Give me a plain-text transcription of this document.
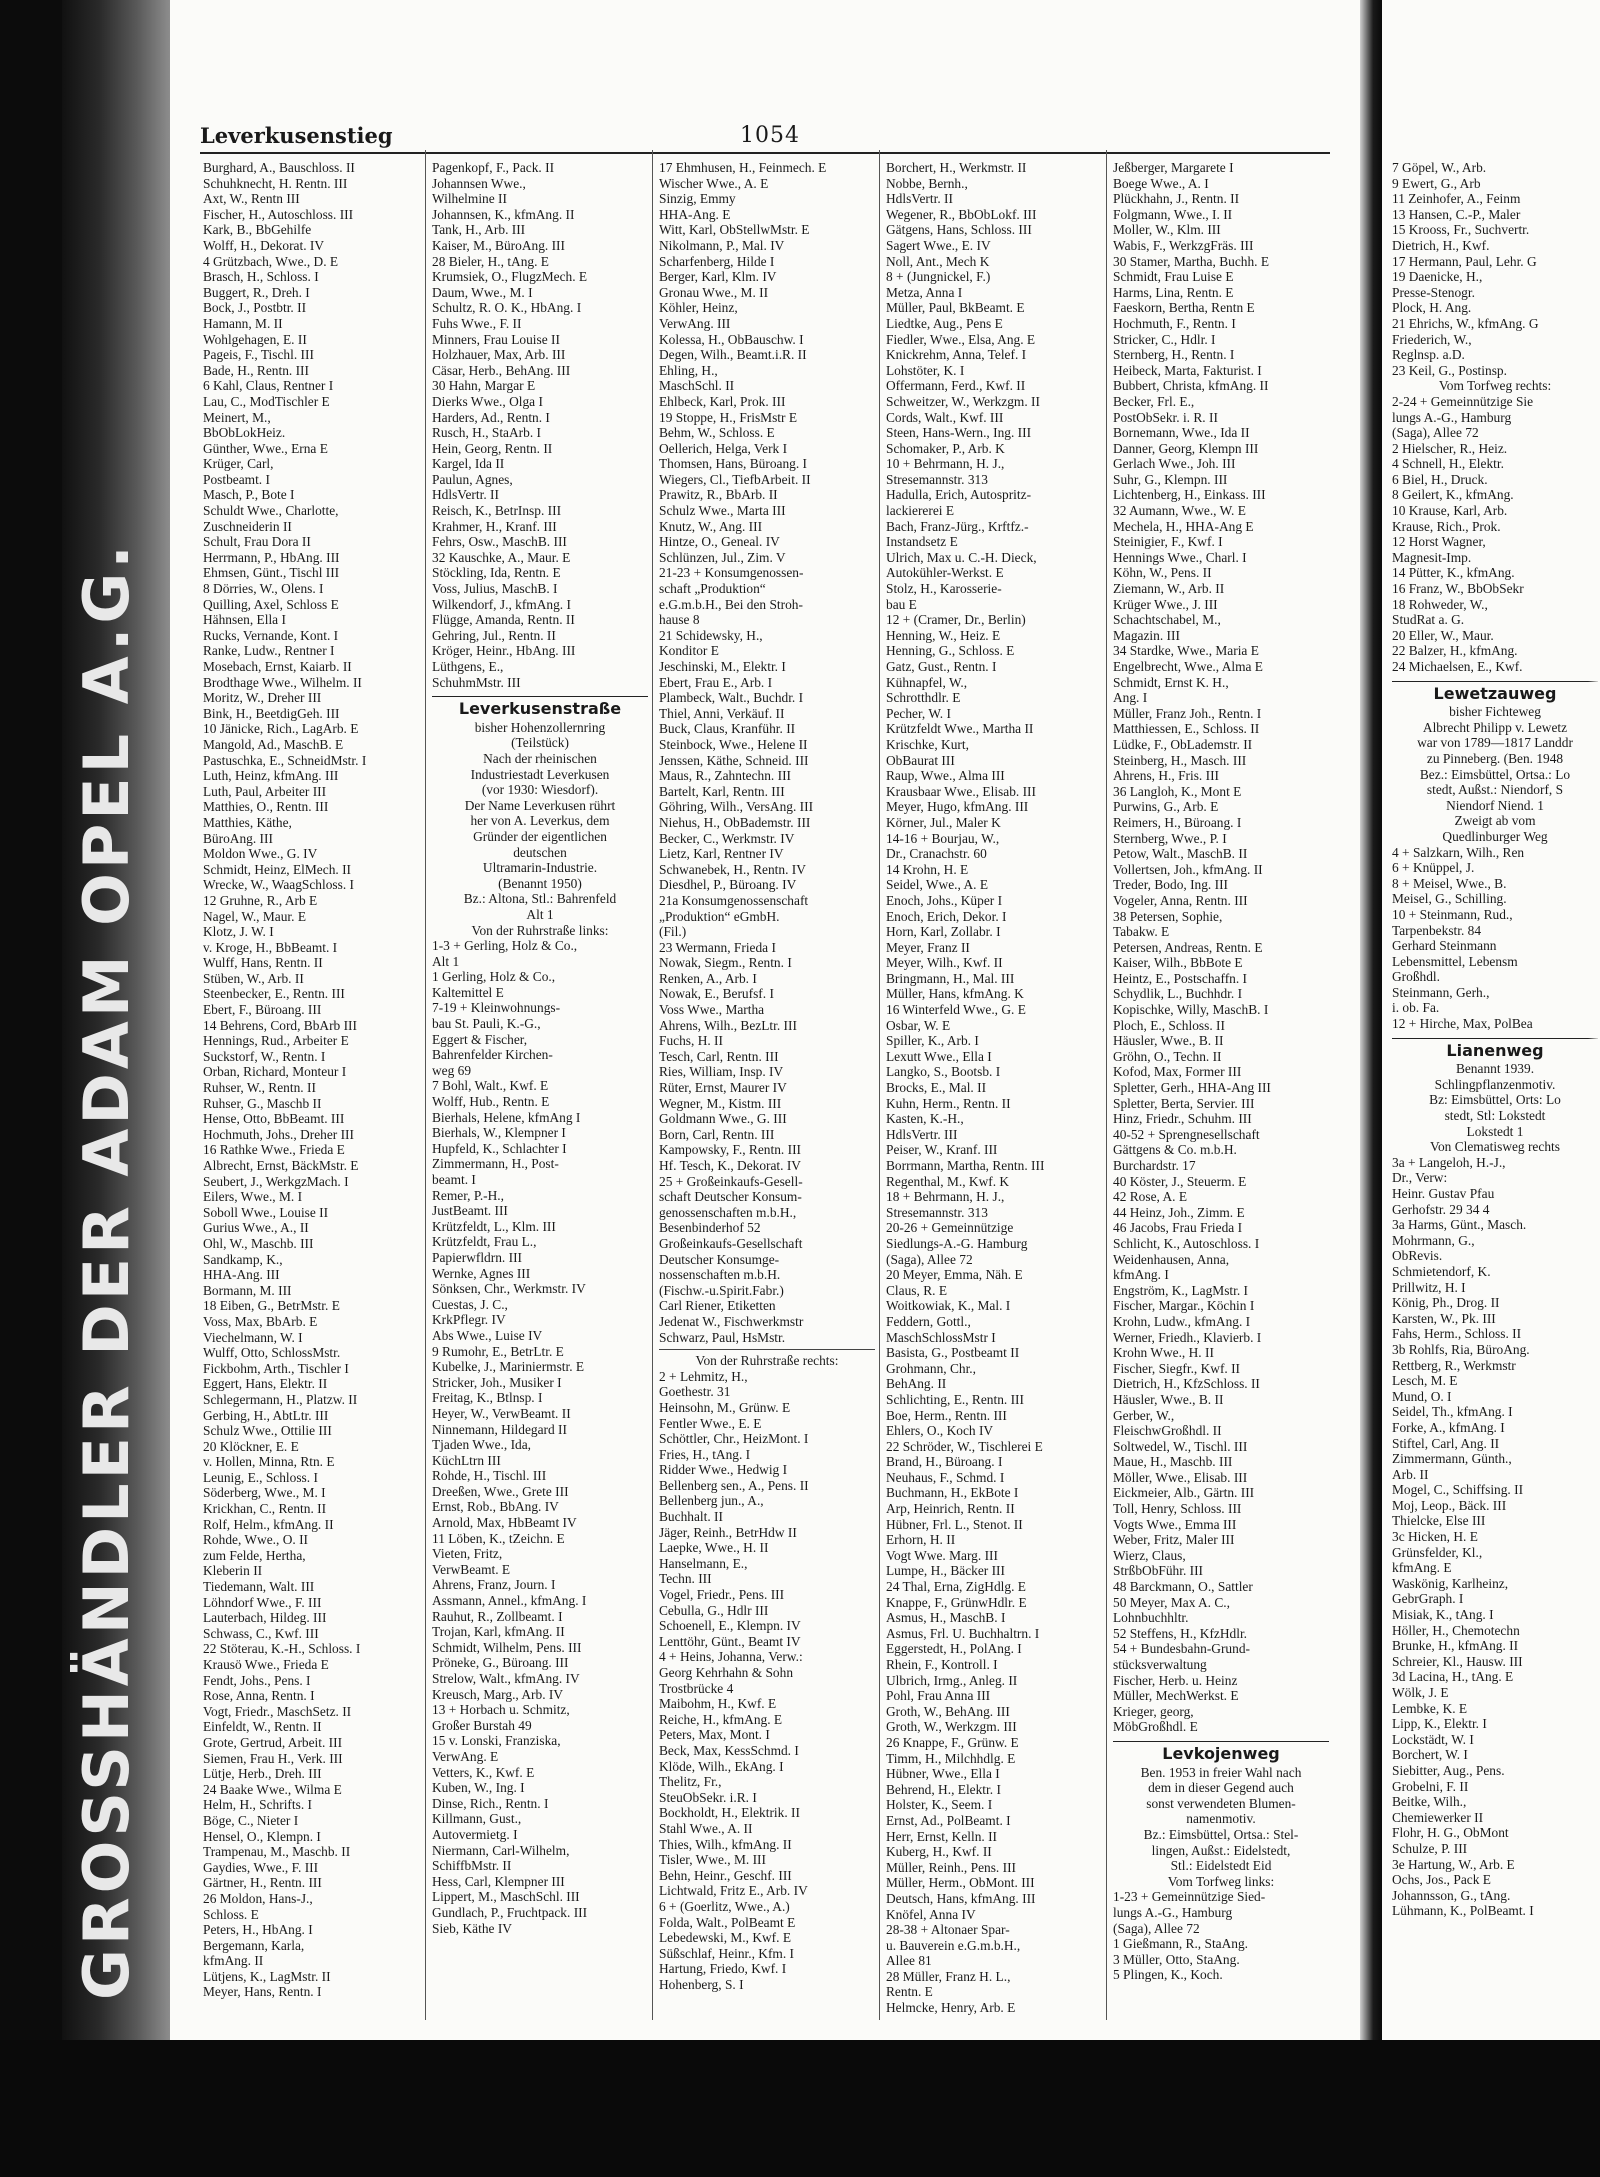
GROSSHÄNDLER DER ADAM OPEL A.G.
Leverkusenstieg	1054
Burghard, A., Bauschloss. II
Schuhknecht, H. Rentn. III
Axt, W., Rentn III
Fischer, H., Autoschloss. III
Kark, B., BbGehilfe
Wolff, H., Dekorat. IV
4 Grützbach, Wwe., D. E
Brasch, H., Schloss. I
Buggert, R., Dreh. I
Bock, J., Postbtr. II
Hamann, M. II
Wohlgehagen, E. II
Pageis, F., Tischl. III
Bade, H., Rentn. III
6 Kahl, Claus, Rentner I
Lau, C., ModTischler E
Meinert, M.,
BbObLokHeiz.
Günther, Wwe., Erna E
Krüger, Carl,
Postbeamt. I
Masch, P., Bote I
Schuldt Wwe., Charlotte,
Zuschneiderin II
Schult, Frau Dora II
Herrmann, P., HbAng. III
Ehmsen, Günt., Tischl III
8 Dörries, W., Olens. I
Quilling, Axel, Schloss E
Hähnsen, Ella I
Rucks, Vernande, Kont. I
Ranke, Ludw., Rentner I
Mosebach, Ernst, Kaiarb. II
Brodthage Wwe., Wilhelm. II
Moritz, W., Dreher III
Bink, H., BeetdigGeh. III
10 Jänicke, Rich., LagArb. E
Mangold, Ad., MaschB. E
Pastuschka, E., SchneidMstr. I
Luth, Heinz, kfmAng. III
Luth, Paul, Arbeiter III
Matthies, O., Rentn. III
Matthies, Käthe,
BüroAng. III
Moldon Wwe., G. IV
Schmidt, Heinz, ElMech. II
Wrecke, W., WaagSchloss. I
12 Gruhne, R., Arb E
Nagel, W., Maur. E
Klotz, J. W. I
v. Kroge, H., BbBeamt. I
Wulff, Hans, Rentn. II
Stüben, W., Arb. II
Steenbecker, E., Rentn. III
Ebert, F., Büroang. III
14 Behrens, Cord, BbArb III
Hennings, Rud., Arbeiter E
Suckstorf, W., Rentn. I
Orban, Richard, Monteur I
Ruhser, W., Rentn. II
Ruhser, G., Maschb II
Hense, Otto, BbBeamt. III
Hochmuth, Johs., Dreher III
16 Rathke Wwe., Frieda E
Albrecht, Ernst, BäckMstr. E
Seubert, J., WerkgzMach. I
Eilers, Wwe., M. I
Soboll Wwe., Louise II
Gurius Wwe., A., II
Ohl, W., Maschb. III
Sandkamp, K.,
HHA-Ang. III
Bormann, M. III
18 Eiben, G., BetrMstr. E
Voss, Max, BbArb. E
Viechelmann, W. I
Wulff, Otto, SchlossMstr.
Fickbohm, Arth., Tischler I
Eggert, Hans, Elektr. II
Schlegermann, H., Platzw. II
Gerbing, H., AbtLtr. III
Schulz Wwe., Ottilie III
20 Klöckner, E. E
v. Hollen, Minna, Rtn. E
Leunig, E., Schloss. I
Söderberg, Wwe., M. I
Krickhan, C., Rentn. II
Rolf, Helm., kfmAng. II
Rohde, Wwe., O. II
zum Felde, Hertha,
Kleberin II
Tiedemann, Walt. III
Löhndorf Wwe., F. III
Lauterbach, Hildeg. III
Schwass, C., Kwf. III
22 Stöterau, K.-H., Schloss. I
Krausö Wwe., Frieda E
Fendt, Johs., Pens. I
Rose, Anna, Rentn. I
Vogt, Friedr., MaschSetz. II
Einfeldt, W., Rentn. II
Grote, Gertrud, Arbeit. III
Siemen, Frau H., Verk. III
Lütje, Herb., Dreh. III
24 Baake Wwe., Wilma E
Helm, H., Schrifts. I
Böge, C., Nieter I
Hensel, O., Klempn. I
Trampenau, M., Maschb. II
Gaydies, Wwe., F. III
Gärtner, H., Rentn. III
26 Moldon, Hans-J.,
Schloss. E
Peters, H., HbAng. I
Bergemann, Karla,
kfmAng. II
Lütjens, K., LagMstr. II
Meyer, Hans, Rentn. I
Pagenkopf, F., Pack. II
Johannsen Wwe.,
Wilhelmine II
Johannsen, K., kfmAng. II
Tank, H., Arb. III
Kaiser, M., BüroAng. III
28 Bieler, H., tAng. E
Krumsiek, O., FlugzMech. E
Daum, Wwe., M. I
Schultz, R. O. K., HbAng. I
Fuhs Wwe., F. II
Minners, Frau Louise II
Holzhauer, Max, Arb. III
Cäsar, Herb., BehAng. III
30 Hahn, Margar E
Dierks Wwe., Olga I
Harders, Ad., Rentn. I
Rusch, H., StaArb. I
Hein, Georg, Rentn. II
Kargel, Ida II
Paulun, Agnes,
HdlsVertr. II
Reisch, K., BetrInsp. III
Krahmer, H., Kranf. III
Fehrs, Osw., MaschB. III
32 Kauschke, A., Maur. E
Stöckling, Ida, Rentn. E
Voss, Julius, MaschB. I
Wilkendorf, J., kfmAng. I
Flügge, Amanda, Rentn. II
Gehring, Jul., Rentn. II
Kröger, Heinr., HbAng. III
Lüthgens, E.,
SchuhmMstr. III
Leverkusenstraße
bisher Hohenzollernring
(Teilstück)
Nach der rheinischen
Industriestadt Leverkusen
(vor 1930: Wiesdorf).
Der Name Leverkusen rührt
her von A. Leverkus, dem
Gründer der eigentlichen
deutschen
Ultramarin-Industrie.
(Benannt 1950)
Bz.: Altona, Stl.: Bahrenfeld
Alt 1
Von der Ruhrstraße links:
1-3 + Gerling, Holz & Co.,
Alt 1
1 Gerling, Holz & Co.,
Kaltemittel E
7-19 + Kleinwohnungs-
bau St. Pauli, K.-G.,
Eggert & Fischer,
Bahrenfelder Kirchen-
weg 69
7 Bohl, Walt., Kwf. E
Wolff, Hub., Rentn. E
Bierhals, Helene, kfmAng I
Bierhals, W., Klempner I
Hupfeld, K., Schlachter I
Zimmermann, H., Post-
beamt. I
Remer, P.-H.,
JustBeamt. III
Krützfeldt, L., Klm. III
Krützfeldt, Frau L.,
Papierwfldrn. III
Wernke, Agnes III
Sönksen, Chr., Werkmstr. IV
Cuestas, J. C.,
KrkPflegr. IV
Abs Wwe., Luise IV
9 Rumohr, E., BetrLtr. E
Kubelke, J., Mariniermstr. E
Stricker, Joh., Musiker I
Freitag, K., Btlnsp. I
Heyer, W., VerwBeamt. II
Ninnemann, Hildegard II
Tjaden Wwe., Ida,
KüchLtrn III
Rohde, H., Tischl. III
Dreeßen, Wwe., Grete III
Ernst, Rob., BbAng. IV
Arnold, Max, HbBeamt IV
11 Löben, K., tZeichn. E
Vieten, Fritz,
VerwBeamt. E
Ahrens, Franz, Journ. I
Assmann, Annel., kfmAng. I
Rauhut, R., Zollbeamt. I
Trojan, Karl, kfmAng. II
Schmidt, Wilhelm, Pens. III
Pröneke, G., Büroang. III
Strelow, Walt., kfmAng. IV
Kreusch, Marg., Arb. IV
13 + Horbach u. Schmitz,
Großer Burstah 49
15 v. Lonski, Franziska,
VerwAng. E
Vetters, K., Kwf. E
Kuben, W., Ing. I
Dinse, Rich., Rentn. I
Killmann, Gust.,
Autovermietg. I
Niermann, Carl-Wilhelm,
SchiffbMstr. II
Hess, Carl, Klempner III
Lippert, M., MaschSchl. III
Gundlach, P., Fruchtpack. III
Sieb, Käthe IV
17 Ehmhusen, H., Feinmech. E
Wischer Wwe., A. E
Sinzig, Emmy
HHA-Ang. E
Witt, Karl, ObStellwMstr. E
Nikolmann, P., Mal. IV
Scharfenberg, Hilde I
Berger, Karl, Klm. IV
Gronau Wwe., M. II
Köhler, Heinz,
VerwAng. III
Kolessa, H., ObBauschw. I
Degen, Wilh., Beamt.i.R. II
Ehling, H.,
MaschSchl. II
Ehlbeck, Karl, Prok. III
19 Stoppe, H., FrisMstr E
Behm, W., Schloss. E
Oellerich, Helga, Verk I
Thomsen, Hans, Büroang. I
Wiegers, Cl., TiefbArbeit. II
Prawitz, R., BbArb. II
Schulz Wwe., Marta III
Knutz, W., Ang. III
Hintze, O., Geneal. IV
Schlünzen, Jul., Zim. V
21-23 + Konsumgenossen-
schaft „Produktion“
e.G.m.b.H., Bei den Stroh-
hause 8
21 Schidewsky, H.,
Konditor E
Jeschinski, M., Elektr. I
Ebert, Frau E., Arb. I
Plambeck, Walt., Buchdr. I
Thiel, Anni, Verkäuf. II
Buck, Claus, Kranführ. II
Steinbock, Wwe., Helene II
Jenssen, Käthe, Schneid. III
Maus, R., Zahntechn. III
Bartelt, Karl, Rentn. III
Göhring, Wilh., VersAng. III
Niehus, H., ObBademstr. III
Becker, C., Werkmstr. IV
Lietz, Karl, Rentner IV
Schwanebek, H., Rentn. IV
Diesdhel, P., Büroang. IV
21a Konsumgenossenschaft
„Produktion“ eGmbH.
(Fil.)
23 Wermann, Frieda I
Nowak, Siegm., Rentn. I
Renken, A., Arb. I
Nowak, E., Berufsf. I
Voss Wwe., Martha
Ahrens, Wilh., BezLtr. III
Fuchs, H. II
Tesch, Carl, Rentn. III
Ries, William, Insp. IV
Rüter, Ernst, Maurer IV
Wegner, M., Kistm. III
Goldmann Wwe., G. III
Born, Carl, Rentn. III
Kampowsky, F., Rentn. III
Hf. Tesch, K., Dekorat. IV
25 + Großeinkaufs-Gesell-
schaft Deutscher Konsum-
genossenschaften m.b.H.,
Besenbinderhof 52
Großeinkaufs-Gesellschaft
Deutscher Konsumge-
nossenschaften m.b.H.
(Fischw.-u.Spirit.Fabr.)
Carl Riener, Etiketten
Jedenat W., Fischwerkmstr
Schwarz, Paul, HsMstr.
Von der Ruhrstraße rechts:
2 + Lehmitz, H.,
Goethestr. 31
Heinsohn, M., Grünw. E
Fentler Wwe., E. E
Schöttler, Chr., HeizMont. I
Fries, H., tAng. I
Ridder Wwe., Hedwig I
Bellenberg sen., A., Pens. II
Bellenberg jun., A.,
Buchhalt. II
Jäger, Reinh., BetrHdw II
Laepke, Wwe., H. II
Hanselmann, E.,
Techn. III
Vogel, Friedr., Pens. III
Cebulla, G., Hdlr III
Schoenell, E., Klempn. IV
Lenttöhr, Günt., Beamt IV
4 + Heins, Johanna, Verw.:
Georg Kehrhahn & Sohn
Trostbrücke 4
Maibohm, H., Kwf. E
Reiche, H., kfmAng. E
Peters, Max, Mont. I
Beck, Max, KessSchmd. I
Klöde, Wilh., EkAng. I
Thelitz, Fr.,
SteuObSekr. i.R. I
Bockholdt, H., Elektrik. II
Stahl Wwe., A. II
Thies, Wilh., kfmAng. II
Tisler, Wwe., M. III
Behn, Heinr., Geschf. III
Lichtwald, Fritz E., Arb. IV
6 + (Goerlitz, Wwe., A.)
Folda, Walt., PolBeamt E
Lebedewski, M., Kwf. E
Süßschlaf, Heinr., Kfm. I
Hartung, Friedo, Kwf. I
Hohenberg, S. I
Borchert, H., Werkmstr. II
Nobbe, Bernh.,
HdlsVertr. II
Wegener, R., BbObLokf. III
Gätgens, Hans, Schloss. III
Sagert Wwe., E. IV
Noll, Ant., Mech K
8 + (Jungnickel, F.)
Metza, Anna I
Müller, Paul, BkBeamt. E
Liedtke, Aug., Pens E
Fiedler, Wwe., Elsa, Ang. E
Knickrehm, Anna, Telef. I
Lohstöter, K. I
Offermann, Ferd., Kwf. II
Schweitzer, W., Werkzgm. II
Cords, Walt., Kwf. III
Steen, Hans-Wern., Ing. III
Schomaker, P., Arb. K
10 + Behrmann, H. J.,
Stresemannstr. 313
Hadulla, Erich, Autospritz-
lackiererei E
Bach, Franz-Jürg., Krftfz.-
Instandsetz E
Ulrich, Max u. C.-H. Dieck,
Autokühler-Werkst. E
Stolz, H., Karosserie-
bau E
12 + (Cramer, Dr., Berlin)
Henning, W., Heiz. E
Henning, G., Schloss. E
Gatz, Gust., Rentn. I
Kühnapfel, W.,
Schrotthdlr. E
Pecher, W. I
Krützfeldt Wwe., Martha II
Krischke, Kurt,
ObBaurat III
Raup, Wwe., Alma III
Krausbaar Wwe., Elisab. III
Meyer, Hugo, kfmAng. III
Körner, Jul., Maler K
14-16 + Bourjau, W.,
Dr., Cranachstr. 60
14 Krohn, H. E
Seidel, Wwe., A. E
Enoch, Johs., Küper I
Enoch, Erich, Dekor. I
Horn, Karl, Zollabr. I
Meyer, Franz II
Meyer, Wilh., Kwf. II
Bringmann, H., Mal. III
Müller, Hans, kfmAng. K
16 Winterfeld Wwe., G. E
Osbar, W. E
Spiller, K., Arb. I
Lexutt Wwe., Ella I
Langko, S., Bootsb. I
Brocks, E., Mal. II
Kuhn, Herm., Rentn. II
Kasten, K.-H.,
HdlsVertr. III
Peiser, W., Kranf. III
Borrmann, Martha, Rentn. III
Regenthal, M., Kwf. K
18 + Behrmann, H. J.,
Stresemannstr. 313
20-26 + Gemeinnützige
Siedlungs-A.-G. Hamburg
(Saga), Allee 72
20 Meyer, Emma, Näh. E
Claus, R. E
Woitkowiak, K., Mal. I
Feddern, Gottl.,
MaschSchlossMstr I
Basista, G., Postbeamt II
Grohmann, Chr.,
BehAng. II
Schlichting, E., Rentn. III
Boe, Herm., Rentn. III
Ehlers, O., Koch IV
22 Schröder, W., Tischlerei E
Brand, H., Büroang. I
Neuhaus, F., Schmd. I
Buchmann, H., EkBote I
Arp, Heinrich, Rentn. II
Hübner, Frl. L., Stenot. II
Erhorn, H. II
Vogt Wwe. Marg. III
Lumpe, H., Bäcker III
24 Thal, Erna, ZigHdlg. E
Knappe, F., GrünwHdlr. E
Asmus, H., MaschB. I
Asmus, Frl. U. Buchhaltrn. I
Eggerstedt, H., PolAng. I
Rhein, F., Kontroll. I
Ulbrich, Irmg., Anleg. II
Pohl, Frau Anna III
Groth, W., BehAng. III
Groth, W., Werkzgm. III
26 Knappe, F., Grünw. E
Timm, H., Milchhdlg. E
Hübner, Wwe., Ella I
Behrend, H., Elektr. I
Holster, K., Seem. I
Ernst, Ad., PolBeamt. I
Herr, Ernst, Kelln. II
Kuberg, H., Kwf. II
Müller, Reinh., Pens. III
Müller, Herm., ObMont. III
Deutsch, Hans, kfmAng. III
Knöfel, Anna IV
28-38 + Altonaer Spar-
u. Bauverein e.G.m.b.H.,
Allee 81
28 Müller, Franz H. L.,
Rentn. E
Helmcke, Henry, Arb. E
Jeßberger, Margarete I
Boege Wwe., A. I
Plückhahn, J., Rentn. II
Folgmann, Wwe., I. II
Moller, W., Klm. III
Wabis, F., WerkzgFräs. III
30 Stamer, Martha, Buchh. E
Schmidt, Frau Luise E
Harms, Lina, Rentn. E
Faeskorn, Bertha, Rentn E
Hochmuth, F., Rentn. I
Stricker, C., Hdlr. I
Sternberg, H., Rentn. I
Heibeck, Marta, Fakturist. I
Bubbert, Christa, kfmAng. II
Becker, Frl. E.,
PostObSekr. i. R. II
Bornemann, Wwe., Ida II
Danner, Georg, Klempn III
Gerlach Wwe., Joh. III
Suhr, G., Klempn. III
Lichtenberg, H., Einkass. III
32 Aumann, Wwe., W. E
Mechela, H., HHA-Ang E
Steinigier, F., Kwf. I
Hennings Wwe., Charl. I
Köhn, W., Pens. II
Ziemann, W., Arb. II
Krüger Wwe., J. III
Schachtschabel, M.,
Magazin. III
34 Stardke, Wwe., Maria E
Engelbrecht, Wwe., Alma E
Schmidt, Ernst K. H.,
Ang. I
Müller, Franz Joh., Rentn. I
Matthiessen, E., Schloss. II
Lüdke, F., ObLademstr. II
Steinberg, H., Masch. III
Ahrens, H., Fris. III
36 Langloh, K., Mont E
Purwins, G., Arb. E
Reimers, H., Büroang. I
Sternberg, Wwe., P. I
Petow, Walt., MaschB. II
Vollertsen, Joh., kfmAng. II
Treder, Bodo, Ing. III
Vogeler, Anna, Rentn. III
38 Petersen, Sophie,
Tabakw. E
Petersen, Andreas, Rentn. E
Kaiser, Wilh., BbBote E
Heintz, E., Postschaffn. I
Schydlik, L., Buchhdr. I
Kopischke, Willy, MaschB. I
Ploch, E., Schloss. II
Häusler, Wwe., B. II
Gröhn, O., Techn. II
Kofod, Max, Former III
Spletter, Gerh., HHA-Ang III
Spletter, Berta, Servier. III
Hinz, Friedr., Schuhm. III
40-52 + Sprengnesellschaft
Gättgens & Co. m.b.H.
Burchardstr. 17
40 Köster, J., Steuerm. E
42 Rose, A. E
44 Heinz, Joh., Zimm. E
46 Jacobs, Frau Frieda I
Schlicht, K., Autoschloss. I
Weidenhausen, Anna,
kfmAng. I
Engström, K., LagMstr. I
Fischer, Margar., Köchin I
Krohn, Ludw., kfmAng. I
Werner, Friedh., Klavierb. I
Krohn Wwe., H. II
Fischer, Siegfr., Kwf. II
Dietrich, H., KfzSchloss. II
Häusler, Wwe., B. II
Gerber, W.,
FleischwGroßhdl. II
Soltwedel, W., Tischl. III
Maue, H., Maschb. III
Möller, Wwe., Elisab. III
Eickmeier, Alb., Gärtn. III
Toll, Henry, Schloss. III
Vogts Wwe., Emma III
Weber, Fritz, Maler III
Wierz, Claus,
StrßbObFühr. III
48 Barckmann, O., Sattler
50 Meyer, Max A. C.,
Lohnbuchhltr.
52 Steffens, H., KfzHdlr.
54 + Bundesbahn-Grund-
stücksverwaltung
Fischer, Herb. u. Heinz
Müller, MechWerkst. E
Krieger, georg,
MöbGroßhdl. E
Levkojenweg
Ben. 1953 in freier Wahl nach
dem in dieser Gegend auch
sonst verwendeten Blumen-
namenmotiv.
Bz.: Eimsbüttel, Ortsa.: Stel-
lingen, Außst.: Eidelstedt,
Stl.: Eidelstedt Eid
Vom Torfweg links:
1-23 + Gemeinnützige Sied-
lungs A.-G., Hamburg
(Saga), Allee 72
1 Gießmann, R., StaAng.
3 Müller, Otto, StaAng.
5 Plingen, K., Koch.
7 Göpel, W., Arb.
9 Ewert, G., Arb
11 Zeinhofer, A., Feinm
13 Hansen, C.-P., Maler
15 Krooss, Fr., Suchvertr.
Dietrich, H., Kwf.
17 Hermann, Paul, Lehr. G
19 Daenicke, H.,
Presse-Stenogr.
Plock, H. Ang.
21 Ehrichs, W., kfmAng. G
Friederich, W.,
Reglnsp. a.D.
23 Keil, G., Postinsp.
Vom Torfweg rechts:
2-24 + Gemeinnützige Sie
lungs A.-G., Hamburg
(Saga), Allee 72
2 Hielscher, R., Heiz.
4 Schnell, H., Elektr.
6 Biel, H., Druck.
8 Geilert, K., kfmAng.
10 Krause, Karl, Arb.
Krause, Rich., Prok.
12 Horst Wagner,
Magnesit-Imp.
14 Pütter, K., kfmAng.
16 Franz, W., BbObSekr
18 Rohweder, W.,
StudRat a. G.
20 Eller, W., Maur.
22 Balzer, H., kfmAng.
24 Michaelsen, E., Kwf.
Lewetzauweg
bisher Fichteweg
Albrecht Philipp v. Lewetz
war von 1789—1817 Landdr
zu Pinneberg. (Ben. 1948
Bez.: Eimsbüttel, Ortsa.: Lo
stedt, Außst.: Niendorf, S
Niendorf Niend. 1
Zweigt ab vom
Quedlinburger Weg
4 + Salzkarn, Wilh., Ren
6 + Knüppel, J.
8 + Meisel, Wwe., B.
Meisel, G., Schilling.
10 + Steinmann, Rud.,
Tarpenbekstr. 84
Gerhard Steinmann
Lebensmittel, Lebensm
Großhdl.
Steinmann, Gerh.,
i. ob. Fa.
12 + Hirche, Max, PolBea
Lianenweg
Benannt 1939.
Schlingpflanzenmotiv.
Bz: Eimsbüttel, Orts: Lo
stedt, Stl: Lokstedt
Lokstedt 1
Von Clematisweg rechts
3a + Langeloh, H.-J.,
Dr., Verw:
Heinr. Gustav Pfau
Gerhofstr. 29 34 4
3a Harms, Günt., Masch.
Mohrmann, G.,
ObRevis.
Schmietendorf, K.
Prillwitz, H. I
König, Ph., Drog. II
Karsten, W., Pk. III
Fahs, Herm., Schloss. II
3b Rohlfs, Ria, BüroAng.
Rettberg, R., Werkmstr
Lesch, M. E
Mund, O. I
Seidel, Th., kfmAng. I
Forke, A., kfmAng. I
Stiftel, Carl, Ang. II
Zimmermann, Günth.,
Arb. II
Mogel, C., Schiffsing. II
Moj, Leop., Bäck. III
Thielcke, Else III
3c Hicken, H. E
Grünsfelder, Kl.,
kfmAng. E
Waskönig, Karlheinz,
GebrGraph. I
Misiak, K., tAng. I
Höller, H., Chemotechn
Brunke, H., kfmAng. II
Schreier, Kl., Hausw. III
3d Lacina, H., tAng. E
Wölk, J. E
Lembke, K. E
Lipp, K., Elektr. I
Lockstädt, W. I
Borchert, W. I
Siebitter, Aug., Pens.
Grobelni, F. II
Beitke, Wilh.,
Chemiewerker II
Flohr, H. G., ObMont
Schulze, P. III
3e Hartung, W., Arb. E
Ochs, Jos., Pack E
Johannsson, G., tAng.
Lühmann, K., PolBeamt. I
